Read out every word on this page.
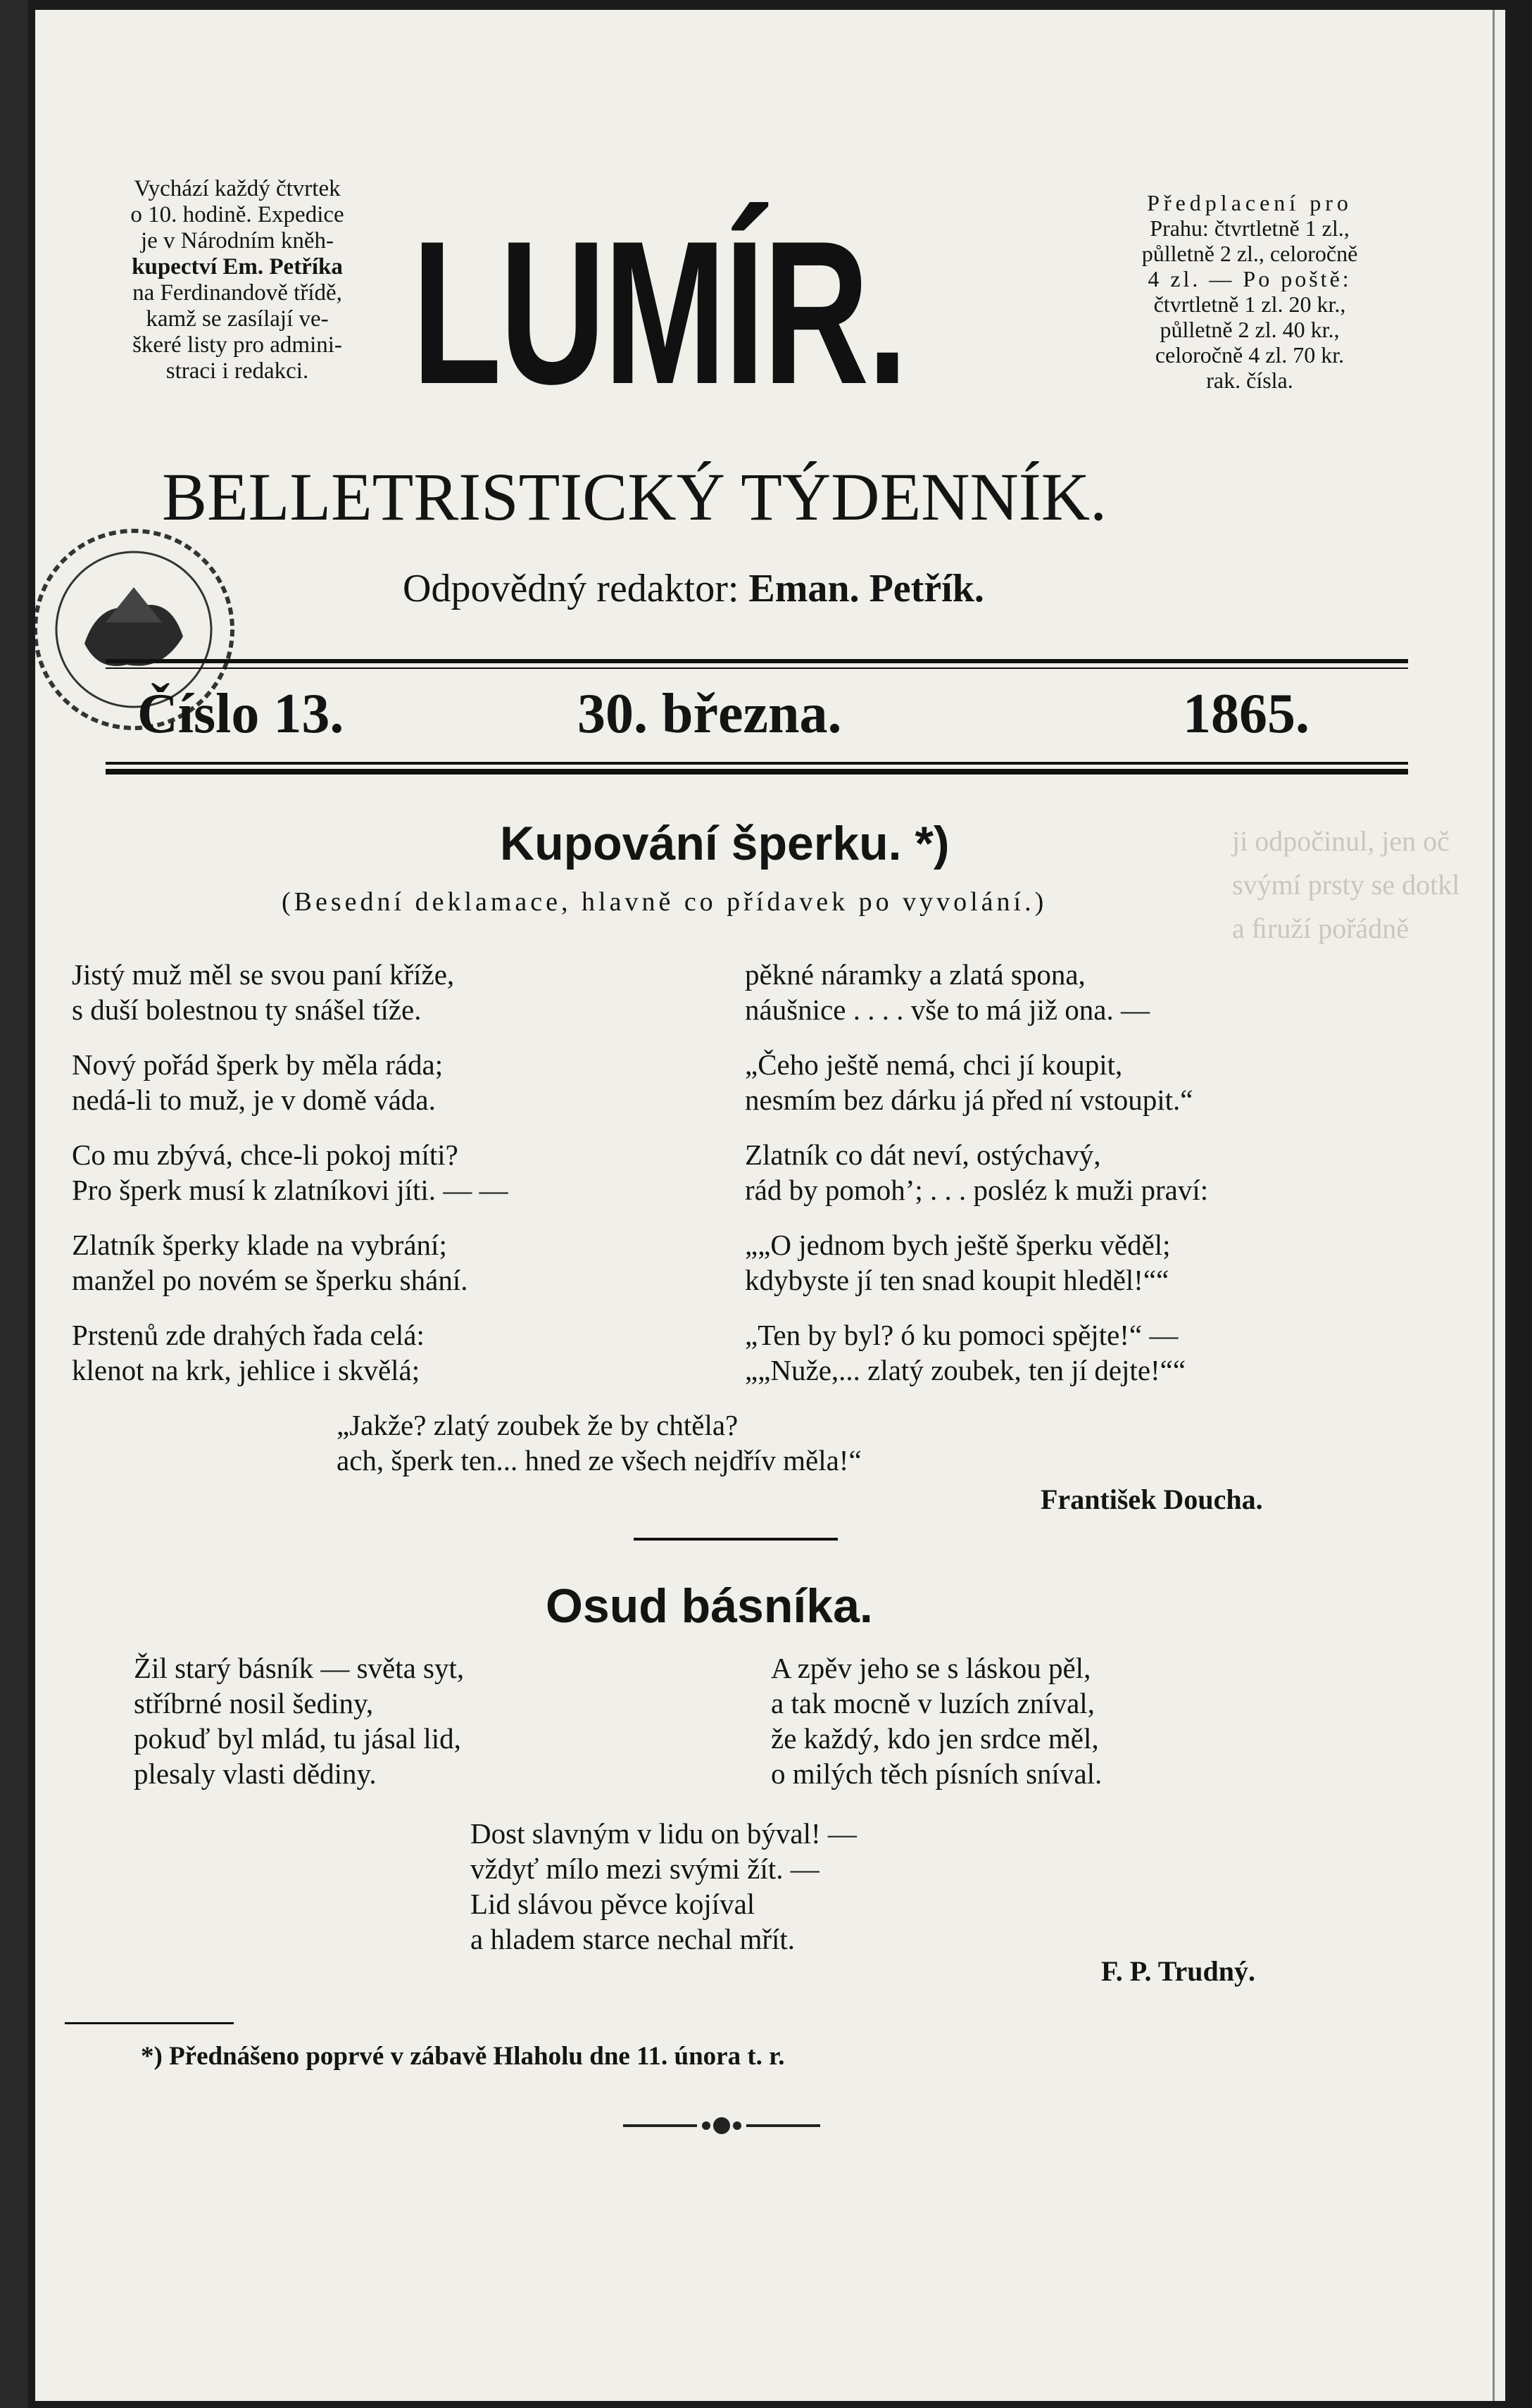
ji odpočinul, jen oč
svýmí prsty se dotkl
a ﬁruží pořádně
Vychází každý čtvrtek
o 10. hodině. Expedice
je v Národním kněh-
kupectví Em. Petříka
na Ferdinandově třídě,
kamž se zasílají ve-
škeré listy pro admini-
straci i redakci. LUMÍR.	Předplacení pro
Prahu: čtvrtletně 1 zl.,
půlletně 2 zl., celoročně
4 zl. — Po poště:
čtvrtletně 1 zl. 20 kr.,
půlletně 2 zl. 40 kr.,
celoročně 4 zl. 70 kr.
rak. čísla.
BELLETRISTICKÝ TÝDENNÍK.
Odpovědný redaktor: Eman. Petřík.
Číslo 13.	30. března.	1865.
Kupování šperku. *)
(Besední deklamace, hlavně co přídavek po vyvolání.)
Jistý muž měl se svou paní kříže,
s duší bolestnou ty snášel tíže.
Nový pořád šperk by měla ráda;
nedá-li to muž, je v domě váda.
Co mu zbývá, chce-li pokoj míti?
Pro šperk musí k zlatníkovi jíti. — —
Zlatník šperky klade na vybrání;
manžel po novém se šperku shání.
Prstenů zde drahých řada celá:
klenot na krk, jehlice i skvělá;
pěkné náramky a zlatá spona,
náušnice . . . . vše to má již ona. —
„Čeho ještě nemá, chci jí koupit,
nesmím bez dárku já před ní vstoupit.“
Zlatník co dát neví, ostýchavý,
rád by pomoh’; . . . posléz k muži praví:
„„O jednom bych ještě šperku věděl;
kdybyste jí ten snad koupit hleděl!““
„Ten by byl? ó ku pomoci spějte!“ —
„„Nuže,... zlatý zoubek, ten jí dejte!““
„Jakže? zlatý zoubek že by chtěla?
ach, šperk ten... hned ze všech nejdřív měla!“
František Doucha.
Osud básníka.
Žil starý básník — světa syt,
stříbrné nosil šediny,
pokuď byl mlád, tu jásal lid,
plesaly vlasti dědiny.
A zpěv jeho se s láskou pěl,
a tak mocně v luzích zníval,
že každý, kdo jen srdce měl,
o milých těch písních sníval.
Dost slavným v lidu on býval! —
vždyť mílo mezi svými žít. —
Lid slávou pěvce kojíval
a hladem starce nechal mřít.
F. P. Trudný.
*) Přednášeno poprvé v zábavě Hlaholu dne 11. února t. r.
